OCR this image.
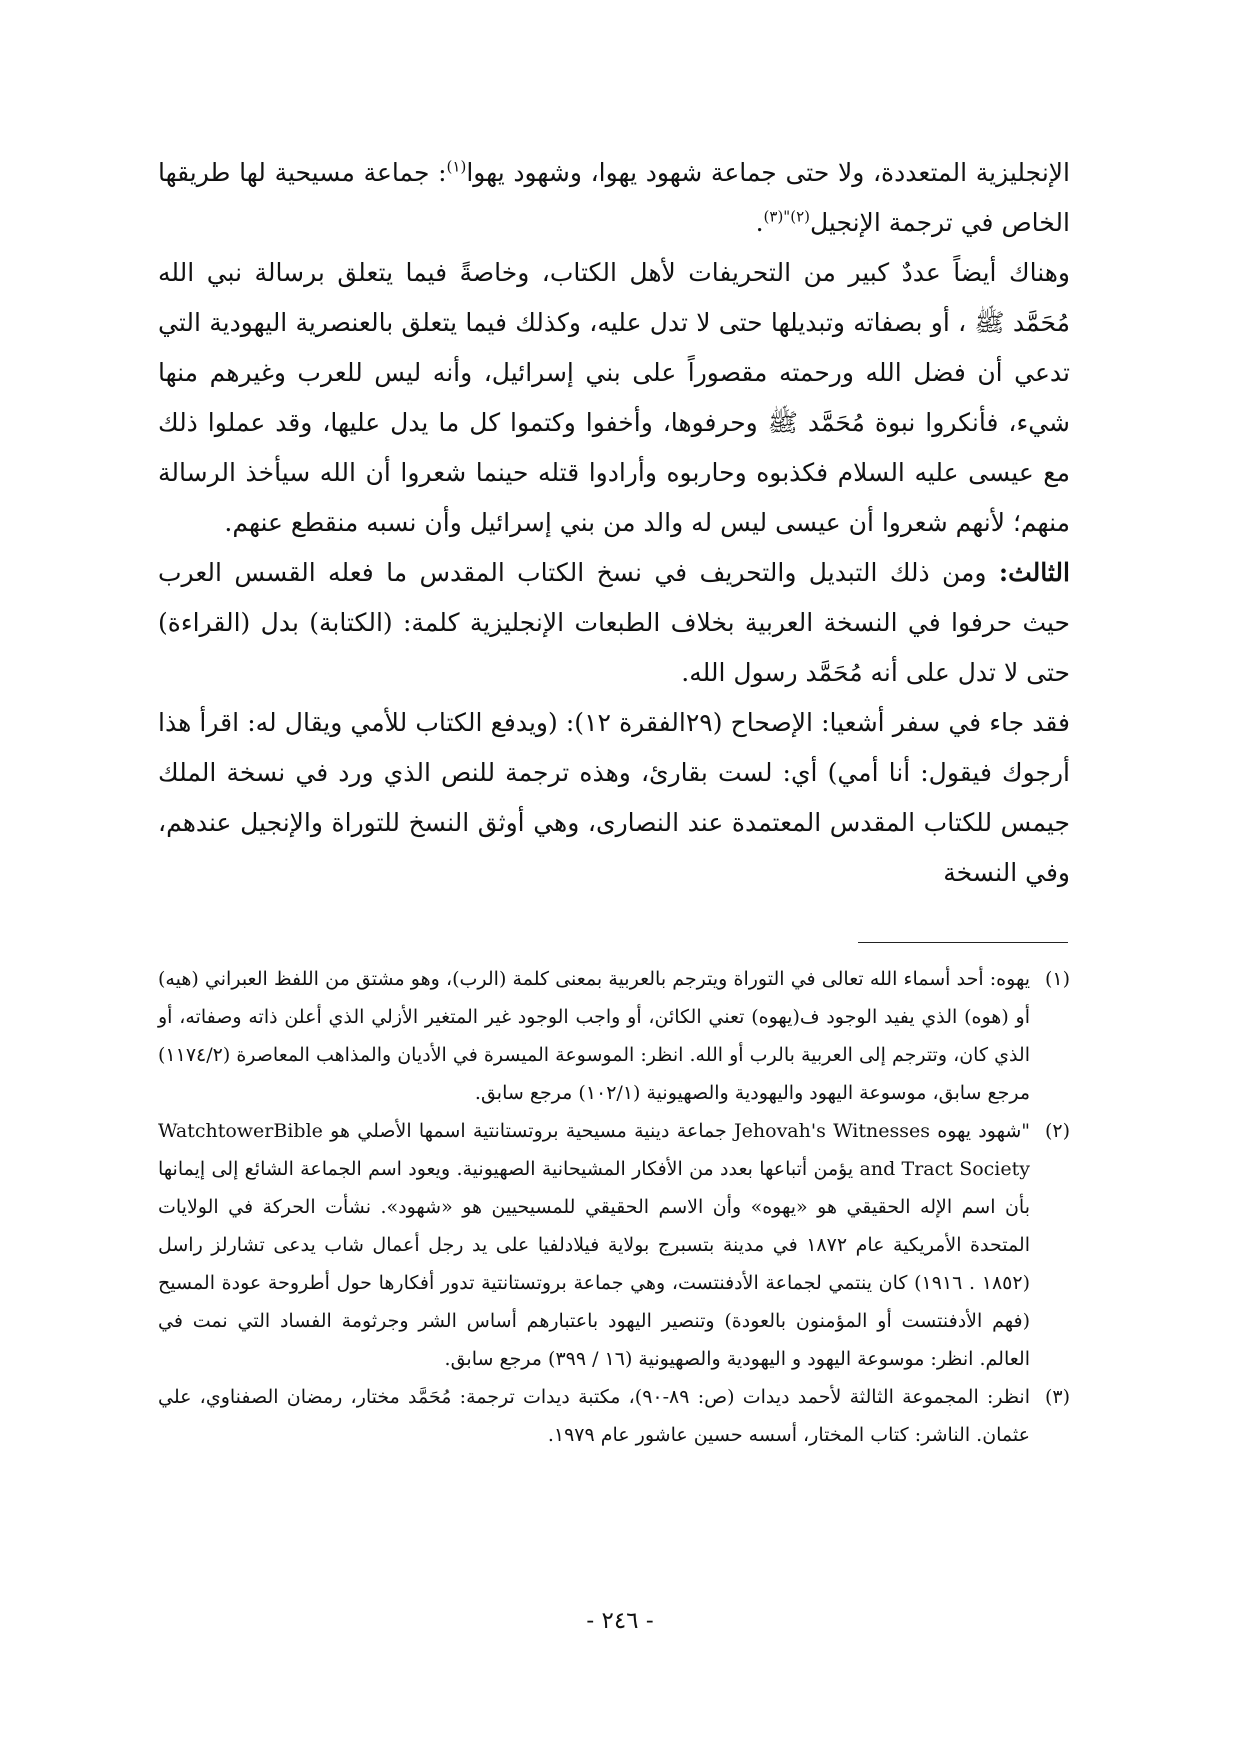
الإنجليزية المتعددة، ولا حتى جماعة شهود يهوا، وشهود يهوا$^{(١)}$: جماعة مسيحية لها طريقها الخاص في ترجمة الإنجيل$^{(٢)"(٣)}$.

وهناك أيضاً عددٌ كبير من التحريفات لأهل الكتاب، وخاصةً فيما يتعلق برسالة نبي الله مُحَمَّد ﷺ ، أو بصفاته وتبديلها حتى لا تدل عليه، وكذلك فيما يتعلق بالعنصرية اليهودية التي تدعي أن فضل الله ورحمته مقصوراً على بني إسرائيل، وأنه ليس للعرب وغيرهم منها شيء، فأنكروا نبوة مُحَمَّد ﷺ وحرفوها، وأخفوا وكتموا كل ما يدل عليها، وقد عملوا ذلك مع عيسى عليه السلام فكذبوه وحاربوه وأرادوا قتله حينما شعروا أن الله سيأخذ الرسالة منهم؛ لأنهم شعروا أن عيسى ليس له والد من بني إسرائيل وأن نسبه منقطع عنهم.

الثالث: ومن ذلك التبديل والتحريف في نسخ الكتاب المقدس ما فعله القسس العرب حيث حرفوا في النسخة العربية بخلاف الطبعات الإنجليزية كلمة: (الكتابة) بدل (القراءة) حتى لا تدل على أنه مُحَمَّد رسول الله.

فقد جاء في سفر أشعيا: الإصحاح (٢٩الفقرة ١٢): (ويدفع الكتاب للأمي ويقال له: اقرأ هذا أرجوك فيقول: أنا أمي) أي: لست بقارئ، وهذه ترجمة للنص الذي ورد في نسخة الملك جيمس للكتاب المقدس المعتمدة عند النصارى، وهي أوثق النسخ للتوراة والإنجيل عندهم، وفي النسخة

(١)
يهوه: أحد أسماء الله تعالى في التوراة ويترجم بالعربية بمعنى كلمة (الرب)، وهو مشتق من اللفظ العبراني (هيه) أو (هوه) الذي يفيد الوجود ف(يهوه) تعني الكائن، أو واجب الوجود غير المتغير الأزلي الذي أعلن ذاته وصفاته، أو الذي كان، وتترجم إلى العربية بالرب أو الله. انظر: الموسوعة الميسرة في الأديان والمذاهب المعاصرة (١١٧٤/٢) مرجع سابق، موسوعة اليهود واليهودية والصهيونية (١٠٢/١) مرجع سابق.
(٢)
"شهود يهوه Jehovah's Witnesses جماعة دينية مسيحية بروتستانتية اسمها الأصلي هو WatchtowerBible and Tract Society يؤمن أتباعها بعدد من الأفكار المشيحانية الصهيونية. ويعود اسم الجماعة الشائع إلى إيمانها بأن اسم الإله الحقيقي هو «يهوه» وأن الاسم الحقيقي للمسيحيين هو «شهود». نشأت الحركة في الولايات المتحدة الأمريكية عام ١٨٧٢ في مدينة بتسبرج بولاية فيلادلفيا على يد رجل أعمال شاب يدعى تشارلز راسل (١٨٥٢ . ١٩١٦) كان ينتمي لجماعة الأدفنتست، وهي جماعة بروتستانتية تدور أفكارها حول أطروحة عودة المسيح (فهم الأدفنتست أو المؤمنون بالعودة) وتنصير اليهود باعتبارهم أساس الشر وجرثومة الفساد التي نمت في العالم. انظر: موسوعة اليهود و اليهودية والصهيونية (١٦ / ٣٩٩) مرجع سابق.
(٣)
انظر: المجموعة الثالثة لأحمد ديدات (ص: ٨٩-٩٠)، مكتبة ديدات ترجمة: مُحَمَّد مختار، رمضان الصفناوي، علي عثمان. الناشر: كتاب المختار، أسسه حسين عاشور عام ١٩٧٩.
- ٢٤٦ -
